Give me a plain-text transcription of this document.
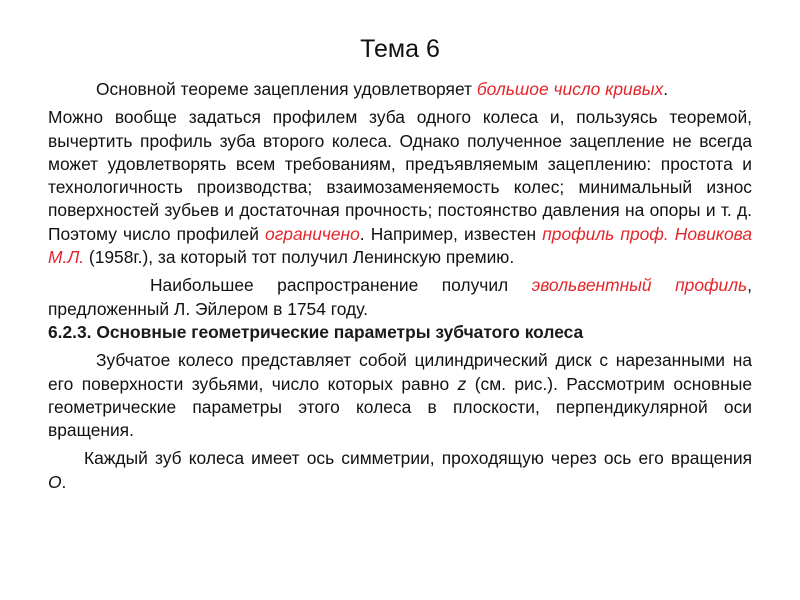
Тема 6

Основной теореме зацепления удовлетворяет большое число кривых.

Можно вообще задаться профилем зуба одного колеса и, пользуясь теоремой, вычертить профиль зуба второго колеса. Однако полученное зацепление не всегда может удовлетворять всем требованиям, предъявляемым зацеплению: простота и технологичность производства; взаимозаменяемость колес; минимальный износ поверхностей зубьев и достаточная прочность; постоянство давления на опоры и т. д. Поэтому число профилей ограничено. Например, известен профиль проф. Новикова М.Л. (1958г.), за который тот получил Ленинскую премию.

Наибольшее распространение получил эвольвентный профиль, предложенный Л. Эйлером в 1754 году.

6.2.3. Основные геометрические параметры зубчатого колеса

Зубчатое колесо представляет собой цилиндрический диск с нарезанными на его поверхности зубьями, число которых равно z (см. рис.). Рассмотрим основные геометрические параметры этого колеса в плоскости, перпендикулярной оси вращения.

Каждый зуб колеса имеет ось симметрии, проходящую через ось его вращения О.
